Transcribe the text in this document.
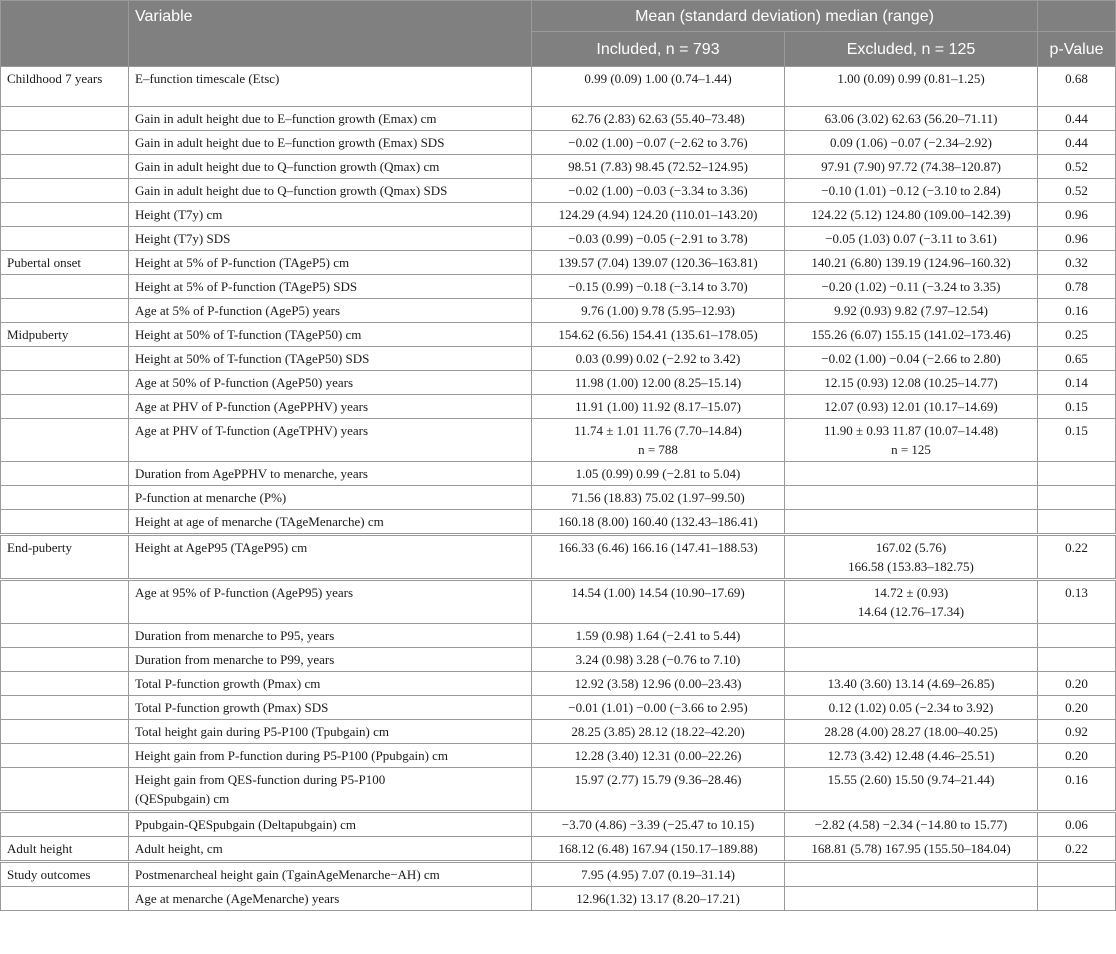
	Variable	Mean (standard deviation) median (range)		
		Included, n = 793	Excluded, n = 125	p-Value

Childhood 7 years	E–function timescale (Etsc)	0.99 (0.09) 1.00 (0.74–1.44)	1.00 (0.09) 0.99 (0.81–1.25)	0.68

	Gain in adult height due to E–function growth (Emax) cm	62.76 (2.83) 62.63 (55.40–73.48)	63.06 (3.02) 62.63 (56.20–71.11)	0.44

	Gain in adult height due to E–function growth (Emax) SDS	−0.02 (1.00) −0.07 (−2.62 to 3.76)	0.09 (1.06) −0.07 (−2.34–2.92)	0.44

	Gain in adult height due to Q–function growth (Qmax) cm	98.51 (7.83) 98.45 (72.52–124.95)	97.91 (7.90) 97.72 (74.38–120.87)	0.52

	Gain in adult height due to Q–function growth (Qmax) SDS	−0.02 (1.00) −0.03 (−3.34 to 3.36)	−0.10 (1.01) −0.12 (−3.10 to 2.84)	0.52

	Height (T7y) cm	124.29 (4.94) 124.20 (110.01–143.20)	124.22 (5.12) 124.80 (109.00–142.39)	0.96

	Height (T7y) SDS	−0.03 (0.99) −0.05 (−2.91 to 3.78)	−0.05 (1.03) 0.07 (−3.11 to 3.61)	0.96

Pubertal onset	Height at 5% of P-function (TAgeP5) cm	139.57 (7.04) 139.07 (120.36–163.81)	140.21 (6.80) 139.19 (124.96–160.32)	0.32

	Height at 5% of P-function (TAgeP5) SDS	−0.15 (0.99) −0.18 (−3.14 to 3.70)	−0.20 (1.02) −0.11 (−3.24 to 3.35)	0.78

	Age at 5% of P-function (AgeP5) years	9.76 (1.00) 9.78 (5.95–12.93)	9.92 (0.93) 9.82 (7.97–12.54)	0.16

Midpuberty	Height at 50% of T-function (TAgeP50) cm	154.62 (6.56) 154.41 (135.61–178.05)	155.26 (6.07) 155.15 (141.02–173.46)	0.25

	Height at 50% of T-function (TAgeP50) SDS	0.03 (0.99) 0.02 (−2.92 to 3.42)	−0.02 (1.00) −0.04 (−2.66 to 2.80)	0.65

	Age at 50% of P-function (AgeP50) years	11.98 (1.00) 12.00 (8.25–15.14)	12.15 (0.93) 12.08 (10.25–14.77)	0.14

	Age at PHV of P-function (AgePPHV) years	11.91 (1.00) 11.92 (8.17–15.07)	12.07 (0.93) 12.01 (10.17–14.69)	0.15

	Age at PHV of T-function (AgeTPHV) years	11.74 ± 1.01 11.76 (7.70–14.84)
n = 788	11.90 ± 0.93 11.87 (10.07–14.48)
n = 125	0.15

	Duration from AgePPHV to menarche, years	1.05 (0.99) 0.99 (−2.81 to 5.04)		

	P-function at menarche (P%)	71.56 (18.83) 75.02 (1.97–99.50)		

	Height at age of menarche (TAgeMenarche) cm	160.18 (8.00) 160.40 (132.43–186.41)		

End-puberty	Height at AgeP95 (TAgeP95) cm	166.33 (6.46) 166.16 (147.41–188.53)	167.02 (5.76)
166.58 (153.83–182.75)	0.22

	Age at 95% of P-function (AgeP95) years	14.54 (1.00) 14.54 (10.90–17.69)	14.72 ± (0.93)
14.64 (12.76–17.34)	0.13

	Duration from menarche to P95, years	1.59 (0.98) 1.64 (−2.41 to 5.44)		

	Duration from menarche to P99, years	3.24 (0.98) 3.28 (−0.76 to 7.10)		

	Total P-function growth (Pmax) cm	12.92 (3.58) 12.96 (0.00–23.43)	13.40 (3.60) 13.14 (4.69–26.85)	0.20

	Total P-function growth (Pmax) SDS	−0.01 (1.01) −0.00 (−3.66 to 2.95)	0.12 (1.02) 0.05 (−2.34 to 3.92)	0.20

	Total height gain during P5-P100 (Tpubgain) cm	28.25 (3.85) 28.12 (18.22–42.20)	28.28 (4.00) 28.27 (18.00–40.25)	0.92

	Height gain from P-function during P5-P100 (Ppubgain) cm	12.28 (3.40) 12.31 (0.00–22.26)	12.73 (3.42) 12.48 (4.46–25.51)	0.20

	Height gain from QES-function during P5-P100
(QESpubgain) cm	15.97 (2.77) 15.79 (9.36–28.46)	15.55 (2.60) 15.50 (9.74–21.44)	0.16

	Ppubgain-QESpubgain (Deltapubgain) cm	−3.70 (4.86) −3.39 (−25.47 to 10.15)	−2.82 (4.58) −2.34 (−14.80 to 15.77)	0.06

Adult height	Adult height, cm	168.12 (6.48) 167.94 (150.17–189.88)	168.81 (5.78) 167.95 (155.50–184.04)	0.22

Study outcomes	Postmenarcheal height gain (TgainAgeMenarche−AH) cm	7.95 (4.95) 7.07 (0.19–31.14)		

	Age at menarche (AgeMenarche) years	12.96(1.32) 13.17 (8.20–17.21)		
